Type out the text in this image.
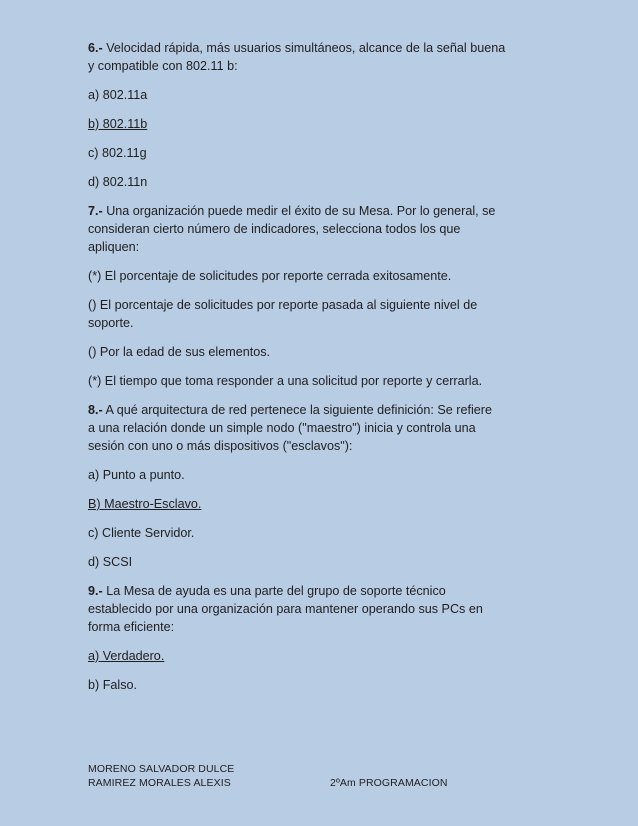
6.- Velocidad rápida, más usuarios simultáneos, alcance de la señal buena

y compatible con 802.11 b:

a) 802.11a

b) 802.11b

c) 802.11g

d) 802.11n

7.- Una organización puede medir el éxito de su Mesa. Por lo general, se

consideran cierto número de indicadores, selecciona todos los que

apliquen:

(*) El porcentaje de solicitudes por reporte cerrada exitosamente.

() El porcentaje de solicitudes por reporte pasada al siguiente nivel de

soporte.

() Por la edad de sus elementos.

(*) El tiempo que toma responder a una solicitud por reporte y cerrarla.

8.- A qué arquitectura de red pertenece la siguiente definición: Se refiere

a una relación donde un simple nodo ("maestro") inicia y controla una

sesión con uno o más dispositivos ("esclavos"):

a) Punto a punto.

B) Maestro-Esclavo.

c) Cliente Servidor.

d) SCSI

9.- La Mesa de ayuda es una parte del grupo de soporte técnico

establecido por una organización para mantener operando sus PCs en

forma eficiente:

a) Verdadero.

b) Falso.

MORENO SALVADOR DULCE
RAMIREZ MORALES ALEXIS	2ºAm PROGRAMACION
